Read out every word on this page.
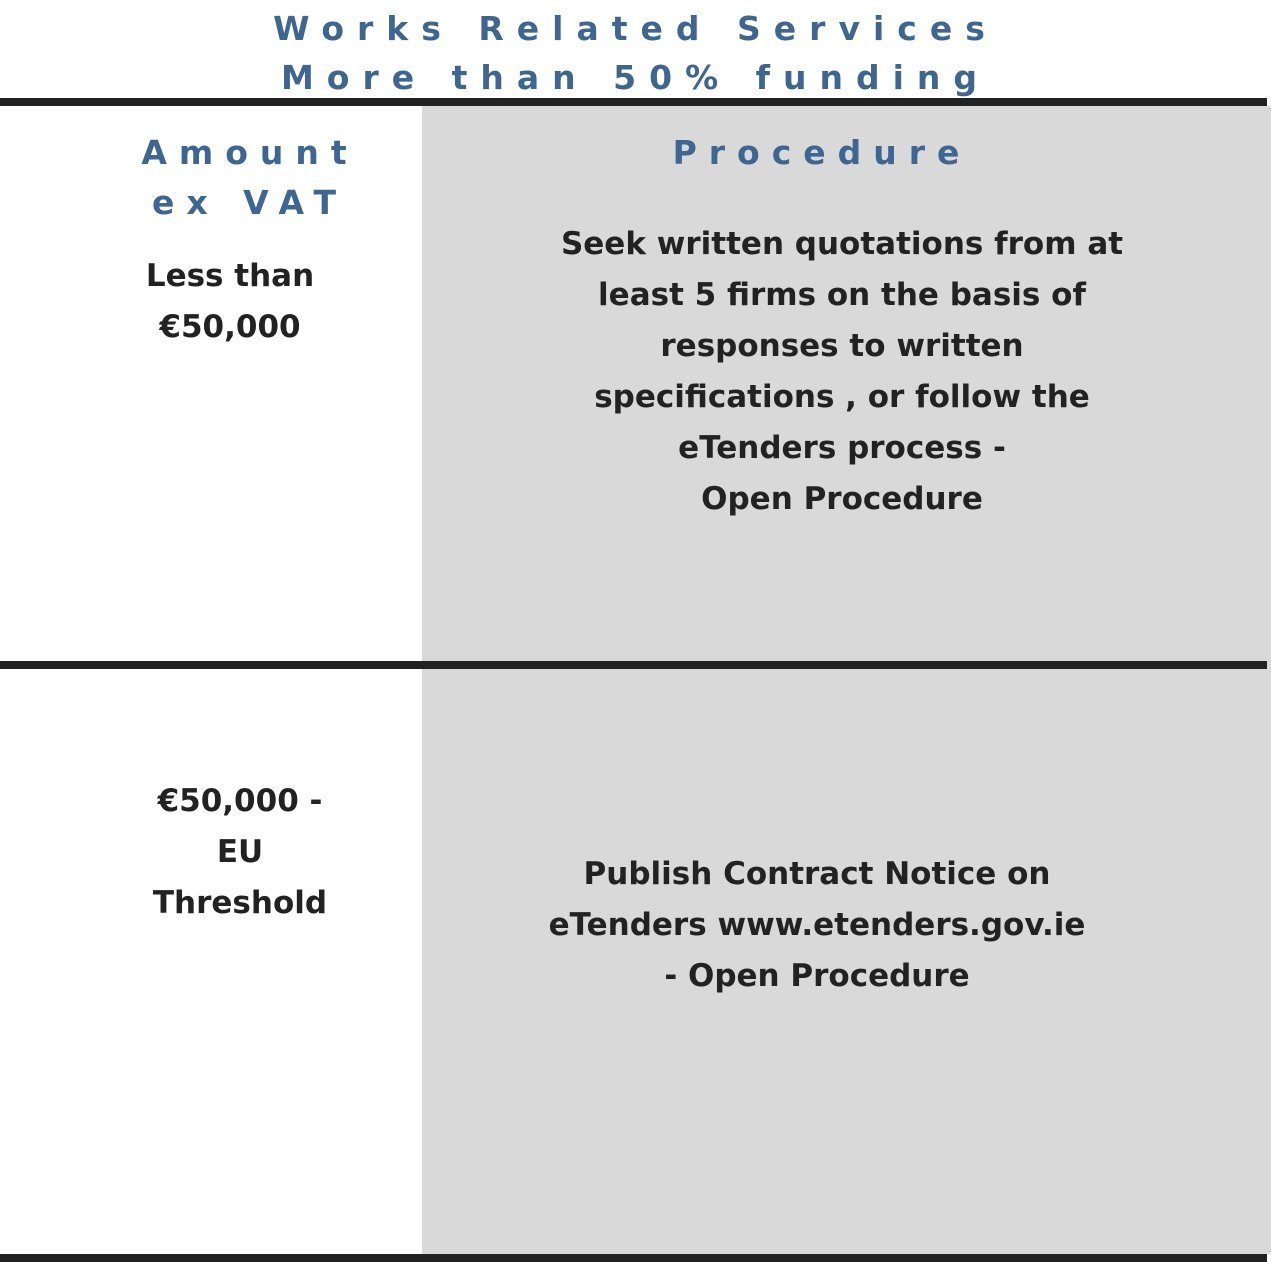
Works Related Services
More than 50% funding
Amount
ex VAT
Procedure
Less than
€50,000
Seek written quotations from at
least 5 firms on the basis of
responses to written
specifications , or follow the
eTenders process -
Open Procedure
€50,000 -
EU
Threshold
Publish Contract Notice on
eTenders www.etenders.gov.ie
- Open Procedure
